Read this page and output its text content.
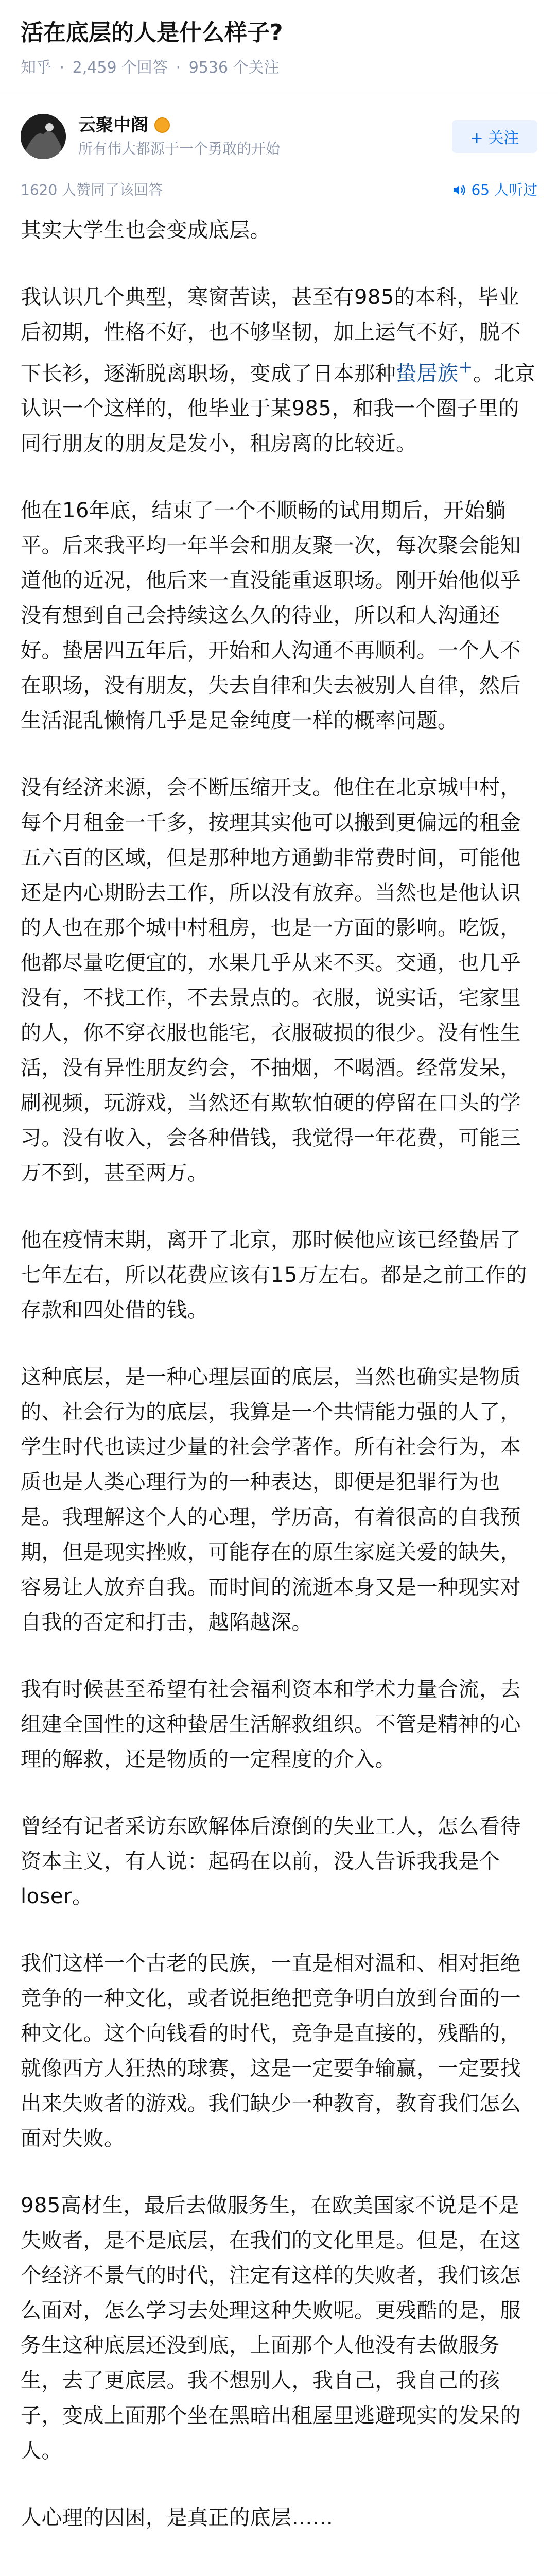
活在底层的人是什么样子?
知乎 · 2,459 个回答 · 9536 个关注
云聚中阁
所有伟大都源于一个勇敢的开始
+ 关注
1620 人赞同了该回答	65 人听过

其实大学生也会变成底层。

我认识几个典型，寒窗苦读，甚至有985的本科，毕业后初期，性格不好，也不够坚韧，加上运气不好，脱不下长衫，逐渐脱离职场，变成了日本那种蛰居族+。北京认识一个这样的，他毕业于某985，和我一个圈子里的同行朋友的朋友是发小，租房离的比较近。

他在16年底，结束了一个不顺畅的试用期后，开始躺平。后来我平均一年半会和朋友聚一次，每次聚会能知道他的近况，他后来一直没能重返职场。刚开始他似乎没有想到自己会持续这么久的待业，所以和人沟通还好。蛰居四五年后，开始和人沟通不再顺利。一个人不在职场，没有朋友，失去自律和失去被别人自律，然后生活混乱懒惰几乎是足金纯度一样的概率问题。

没有经济来源，会不断压缩开支。他住在北京城中村，每个月租金一千多，按理其实他可以搬到更偏远的租金五六百的区域，但是那种地方通勤非常费时间，可能他还是内心期盼去工作，所以没有放弃。当然也是他认识的人也在那个城中村租房，也是一方面的影响。吃饭，他都尽量吃便宜的，水果几乎从来不买。交通，也几乎没有，不找工作，不去景点的。衣服，说实话，宅家里的人，你不穿衣服也能宅，衣服破损的很少。没有性生活，没有异性朋友约会，不抽烟，不喝酒。经常发呆，刷视频，玩游戏，当然还有欺软怕硬的停留在口头的学习。没有收入，会各种借钱，我觉得一年花费，可能三万不到，甚至两万。

他在疫情末期，离开了北京，那时候他应该已经蛰居了七年左右，所以花费应该有15万左右。都是之前工作的存款和四处借的钱。

这种底层，是一种心理层面的底层，当然也确实是物质的、社会行为的底层，我算是一个共情能力强的人了，学生时代也读过少量的社会学著作。所有社会行为，本质也是人类心理行为的一种表达，即便是犯罪行为也是。我理解这个人的心理，学历高，有着很高的自我预期，但是现实挫败，可能存在的原生家庭关爱的缺失，容易让人放弃自我。而时间的流逝本身又是一种现实对自我的否定和打击，越陷越深。

我有时候甚至希望有社会福利资本和学术力量合流，去组建全国性的这种蛰居生活解救组织。不管是精神的心理的解救，还是物质的一定程度的介入。

曾经有记者采访东欧解体后潦倒的失业工人，怎么看待资本主义，有人说：起码在以前，没人告诉我我是个loser。

我们这样一个古老的民族，一直是相对温和、相对拒绝竞争的一种文化，或者说拒绝把竞争明白放到台面的一种文化。这个向钱看的时代，竞争是直接的，残酷的，就像西方人狂热的球赛，这是一定要争输赢，一定要找出来失败者的游戏。我们缺少一种教育，教育我们怎么面对失败。

985高材生，最后去做服务生，在欧美国家不说是不是失败者，是不是底层，在我们的文化里是。但是，在这个经济不景气的时代，注定有这样的失败者，我们该怎么面对，怎么学习去处理这种失败呢。更残酷的是，服务生这种底层还没到底，上面那个人他没有去做服务生，去了更底层。我不想别人，我自己，我自己的孩子，变成上面那个坐在黑暗出租屋里逃避现实的发呆的人。

人心理的囚困，是真正的底层……
